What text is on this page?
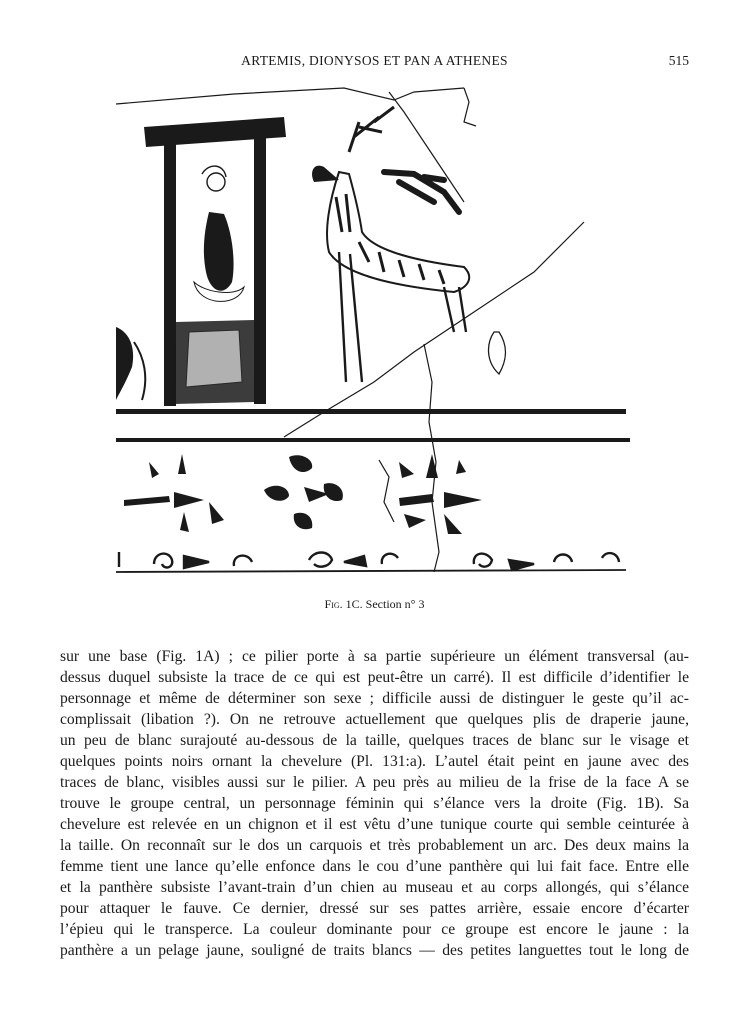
ARTEMIS, DIONYSOS ET PAN A ATHENES	515
Fig. 1C. Section n° 3
sur une base (Fig. 1A) ; ce pilier porte à sa partie supérieure un élément transversal (au-
dessus duquel subsiste la trace de ce qui est peut-être un carré). Il est difficile d’identifier le
personnage et même de déterminer son sexe ; difficile aussi de distinguer le geste qu’il ac-
complissait (libation ?). On ne retrouve actuellement que quelques plis de draperie jaune,
un peu de blanc surajouté au-dessous de la taille, quelques traces de blanc sur le visage et
quelques points noirs ornant la chevelure (Pl. 131:a). L’autel était peint en jaune avec des
traces de blanc, visibles aussi sur le pilier. A peu près au milieu de la frise de la face A se
trouve le groupe central, un personnage féminin qui s’élance vers la droite (Fig. 1B). Sa
chevelure est relevée en un chignon et il est vêtu d’une tunique courte qui semble ceinturée à
la taille. On reconnaît sur le dos un carquois et très probablement un arc. Des deux mains la
femme tient une lance qu’elle enfonce dans le cou d’une panthère qui lui fait face. Entre elle
et la panthère subsiste l’avant-train d’un chien au museau et au corps allongés, qui s’élance
pour attaquer le fauve. Ce dernier, dressé sur ses pattes arrière, essaie encore d’écarter
l’épieu qui le transperce. La couleur dominante pour ce groupe est encore le jaune : la
panthère a un pelage jaune, souligné de traits blancs — des petites languettes tout le long de
